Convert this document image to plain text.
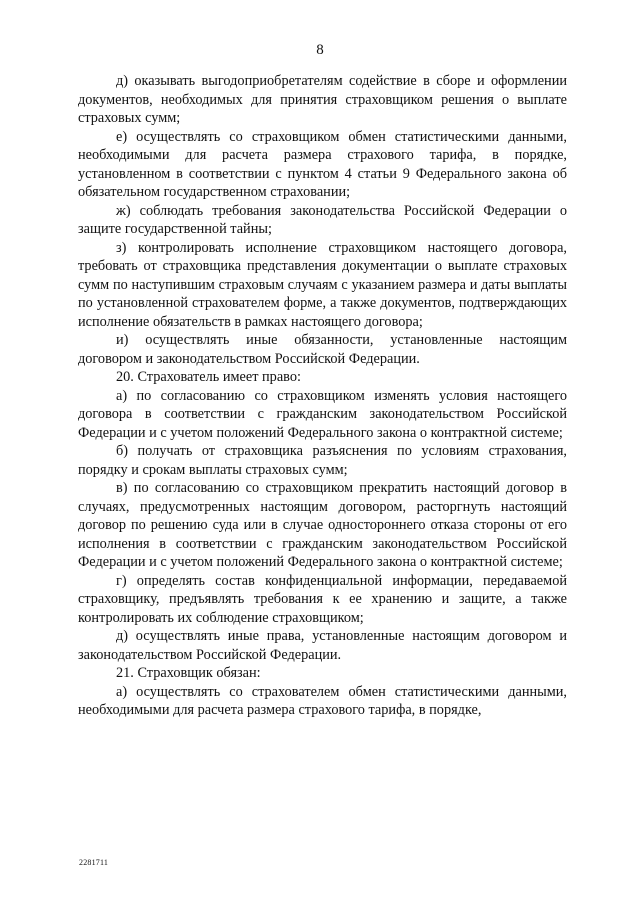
8

д) оказывать выгодоприобретателям содействие в сборе и оформлении документов, необходимых для принятия страховщиком решения о выплате страховых сумм;

е) осуществлять со страховщиком обмен статистическими данными, необходимыми для расчета размера страхового тарифа, в порядке, установленном в соответствии с пунктом 4 статьи 9 Федерального закона об обязательном государственном страховании;

ж) соблюдать требования законодательства Российской Федерации о защите государственной тайны;

з) контролировать исполнение страховщиком настоящего договора, требовать от страховщика представления документации о выплате страховых сумм по наступившим страховым случаям с указанием размера и даты выплаты по установленной страхователем форме, а также документов, подтверждающих исполнение обязательств в рамках настоящего договора;

и) осуществлять иные обязанности, установленные настоящим договором и законодательством Российской Федерации.

20. Страхователь имеет право:

а) по согласованию со страховщиком изменять условия настоящего договора в соответствии с гражданским законодательством Российской Федерации и с учетом положений Федерального закона о контрактной системе;

б) получать от страховщика разъяснения по условиям страхования, порядку и срокам выплаты страховых сумм;

в) по согласованию со страховщиком прекратить настоящий договор в случаях, предусмотренных настоящим договором, расторгнуть настоящий договор по решению суда или в случае одностороннего отказа стороны от его исполнения в соответствии с гражданским законодательством Российской Федерации и с учетом положений Федерального закона о контрактной системе;

г) определять состав конфиденциальной информации, передаваемой страховщику, предъявлять требования к ее хранению и защите, а также контролировать их соблюдение страховщиком;

д) осуществлять иные права, установленные настоящим договором и законодательством Российской Федерации.

21. Страховщик обязан:

а) осуществлять со страхователем обмен статистическими данными, необходимыми для расчета размера страхового тарифа, в порядке,

2281711
